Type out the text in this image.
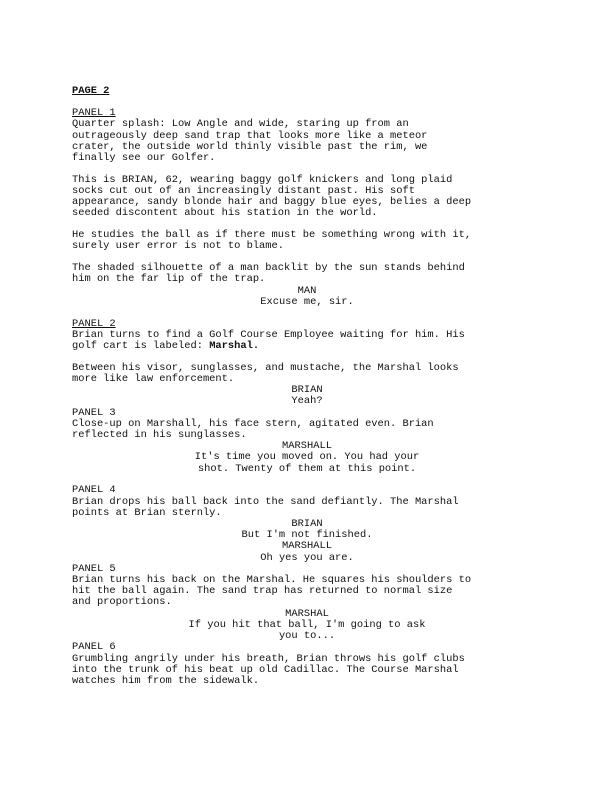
PAGE 2

PANEL 1

Quarter splash: Low Angle and wide, staring up from an
outrageously deep sand trap that looks more like a meteor
crater, the outside world thinly visible past the rim, we
finally see our Golfer.

This is BRIAN, 62, wearing baggy golf knickers and long plaid
socks cut out of an increasingly distant past. His soft
appearance, sandy blonde hair and baggy blue eyes, belies a deep
seeded discontent about his station in the world.

He studies the ball as if there must be something wrong with it,
surely user error is not to blame.

The shaded silhouette of a man backlit by the sun stands behind
him on the far lip of the trap.

MAN

Excuse me, sir.

PANEL 2

Brian turns to find a Golf Course Employee waiting for him. His
golf cart is labeled: Marshal.

Between his visor, sunglasses, and mustache, the Marshal looks
more like law enforcement.

BRIAN

Yeah?

PANEL 3

Close-up on Marshall, his face stern, agitated even. Brian
reflected in his sunglasses.

MARSHALL

It's time you moved on. You had your
shot. Twenty of them at this point.

PANEL 4

Brian drops his ball back into the sand defiantly. The Marshal
points at Brian sternly.

BRIAN

But I'm not finished.

MARSHALL

Oh yes you are.

PANEL 5

Brian turns his back on the Marshal. He squares his shoulders to
hit the ball again. The sand trap has returned to normal size
and proportions.

MARSHAL

If you hit that ball, I'm going to ask
you to...

PANEL 6

Grumbling angrily under his breath, Brian throws his golf clubs
into the trunk of his beat up old Cadillac. The Course Marshal
watches him from the sidewalk.
